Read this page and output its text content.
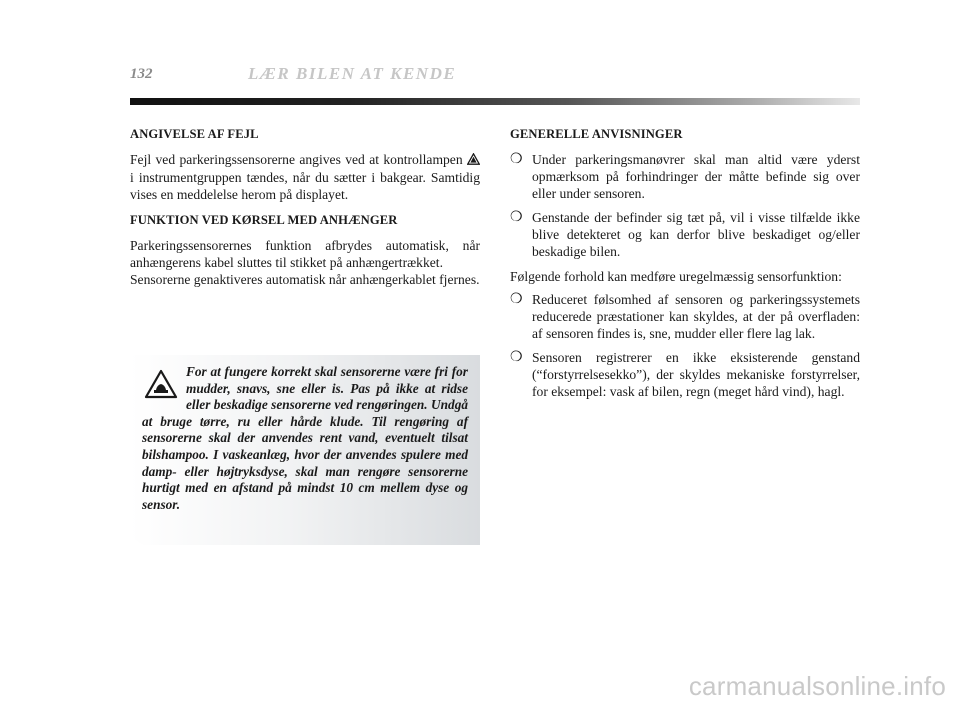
132	LÆR BILEN AT KENDE
ANGIVELSE AF FEJL

Fejl ved parkeringssensorerne angives ved at kontrollampen  i instrumentgruppen tændes, når du sætter i bakgear. Samtidig vises en meddelelse herom på displayet.

FUNKTION VED KØRSEL MED ANHÆNGER

Parkeringssensorernes funktion afbrydes automatisk, når anhængerens kabel sluttes til stikket på anhængertrækket.

Sensorerne genaktiveres automatisk når anhængerkablet fjernes.

For at fungere korrekt skal sensorerne være fri for mudder, snavs, sne eller is. Pas på ikke at ridse eller beskadige sensorerne ved rengøringen. Undgå at bruge tørre, ru eller hårde klude. Til rengøring af sensorerne skal der anvendes rent vand, eventuelt tilsat bilshampoo. I vaskeanlæg, hvor der anvendes spulere med damp- eller højtryksdyse, skal man rengøre sensorerne hurtigt med en afstand på mindst 10 cm mellem dyse og sensor.
GENERELLE ANVISNINGER
❍ Under parkeringsmanøvrer skal man altid være yderst opmærksom på forhindringer der måtte befinde sig over eller under sensoren.
❍ Genstande der befinder sig tæt på, vil i visse tilfælde ikke blive detekteret og kan derfor blive beskadiget og/eller beskadige bilen.

Følgende forhold kan medføre uregelmæssig sensorfunktion:

❍ Reduceret følsomhed af sensoren og parkeringssystemets reducerede præstationer kan skyldes, at der på overfladen: af sensoren findes is, sne, mudder eller flere lag lak.
❍ Sensoren registrerer en ikke eksisterende genstand (“forstyrrelsesekko”), der skyldes mekaniske forstyrrelser, for eksempel: vask af bilen, regn (meget hård vind), hagl.
carmanualsonline.info
